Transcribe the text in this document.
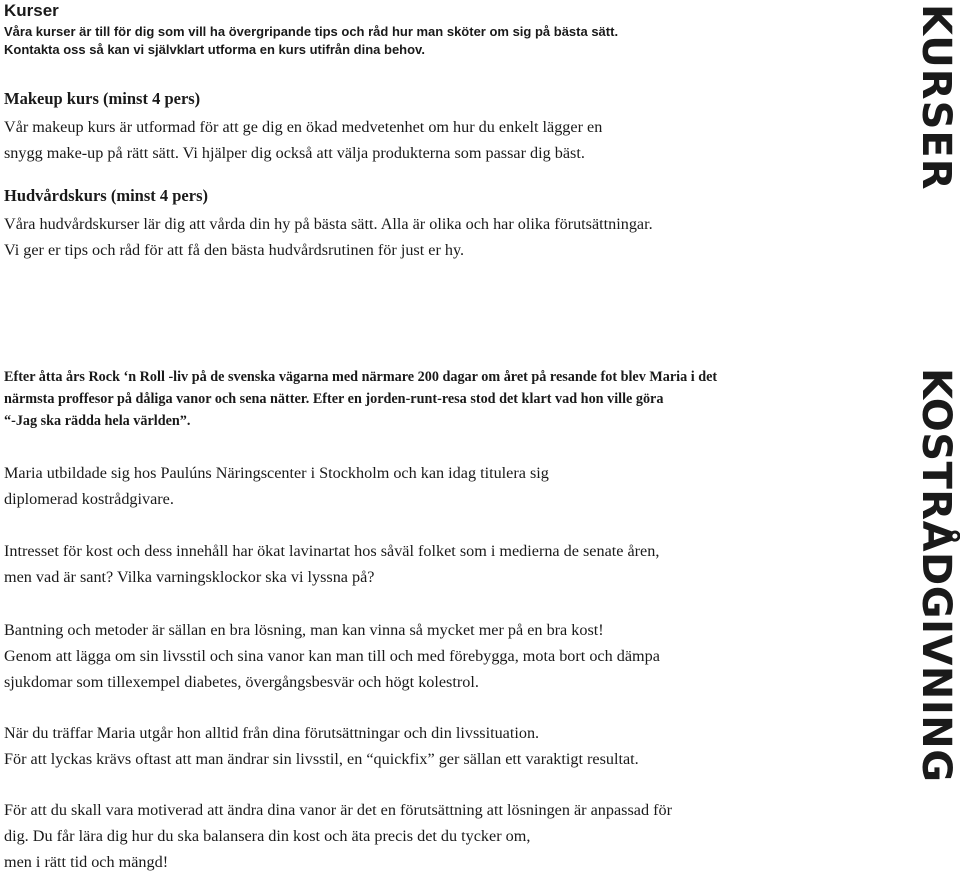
Kurser

Våra kurser är till för dig som vill ha övergripande tips och råd hur man sköter om sig på bästa sätt.
Kontakta oss så kan vi självklart utforma en kurs utifrån dina behov.

Makeup kurs (minst 4 pers)

Vår makeup kurs är utformad för att ge dig en ökad medvetenhet om hur du enkelt lägger en
snygg make-up på rätt sätt. Vi hjälper dig också att välja produkterna som passar dig bäst.

Hudvårdskurs (minst 4 pers)

Våra hudvårdskurser lär dig att vårda din hy på bästa sätt. Alla är olika och har olika förutsättningar.
Vi ger er tips och råd för att få den bästa hudvårdsrutinen för just er hy.

KURSER

Efter åtta års Rock ‘n Roll -liv på de svenska vägarna med närmare 200 dagar om året på resande fot blev Maria i det
närmsta proffesor på dåliga vanor och sena nätter. Efter en jorden-runt-resa stod det klart vad hon ville göra
“-Jag ska rädda hela världen”.

Maria utbildade sig hos Paulúns Näringscenter i Stockholm och kan idag titulera sig
diplomerad kostrådgivare.

Intresset för kost och dess innehåll har ökat lavinartat hos såväl folket som i medierna de senate åren,
men vad är sant? Vilka varningsklockor ska vi lyssna på?

Bantning och metoder är sällan en bra lösning, man kan vinna så mycket mer på en bra kost!
Genom att lägga om sin livsstil och sina vanor kan man till och med förebygga, mota bort och dämpa
sjukdomar som tillexempel diabetes, övergångsbesvär och högt kolestrol.

När du träffar Maria utgår hon alltid från dina förutsättningar och din livssituation.
För att lyckas krävs oftast att man ändrar sin livsstil, en “quickfix” ger sällan ett varaktigt resultat.

För att du skall vara motiverad att ändra dina vanor är det en förutsättning att lösningen är anpassad för
dig. Du får lära dig hur du ska balansera din kost och äta precis det du tycker om,
men i rätt tid och mängd!

KOSTRÅDGIVNING
